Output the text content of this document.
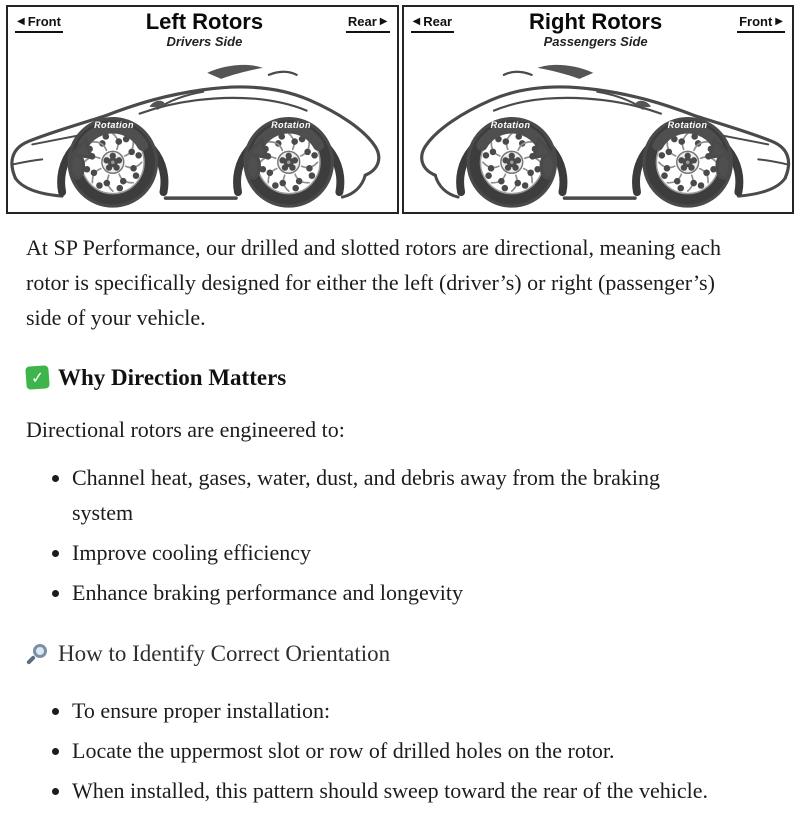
◀ Front	Left Rotors
Drivers Side
Rear ▶
Rotation	Rotation
◀ Rear	Right Rotors
Passengers Side
Front ▶
Rotation	Rotation

At SP Performance, our drilled and slotted rotors are directional, meaning each rotor is specifically designed for either the left (driver’s) or right (passenger’s) side of your vehicle.

✓ Why Direction Matters

Directional rotors are engineered to:

• Channel heat, gases, water, dust, and debris away from the braking system
• Improve cooling efficiency
• Enhance braking performance and longevity
How to Identify Correct Orientation
• To ensure proper installation:
• Locate the uppermost slot or row of drilled holes on the rotor.
• When installed, this pattern should sweep toward the rear of the vehicle.
